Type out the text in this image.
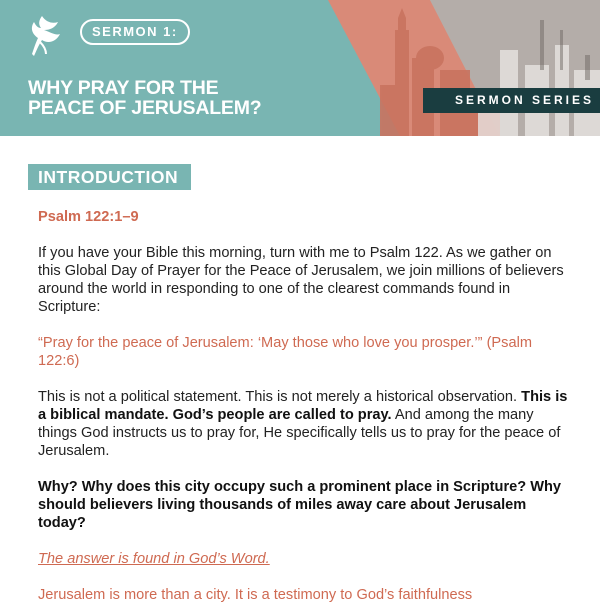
SERMON 1:
WHY PRAY FOR THE
PEACE OF JERUSALEM?	SERMON SERIES
INTRODUCTION

Psalm 122:1–9

If you have your Bible this morning, turn with me to Psalm 122. As we gather on this Global Day of Prayer for the Peace of Jerusalem, we join millions of believers around the world in responding to one of the clearest commands found in Scripture:

“Pray for the peace of Jerusalem: ‘May those who love you prosper.’” (Psalm 122:6)

This is not a political statement. This is not merely a historical observation. This is a biblical mandate. God’s people are called to pray. And among the many things God instructs us to pray for, He specifically tells us to pray for the peace of Jerusalem.

Why? Why does this city occupy such a prominent place in Scripture? Why should believers living thousands of miles away care about Jerusalem today?

The answer is found in God’s Word.

Jerusalem is more than a city. It is a testimony to God’s faithfulness
